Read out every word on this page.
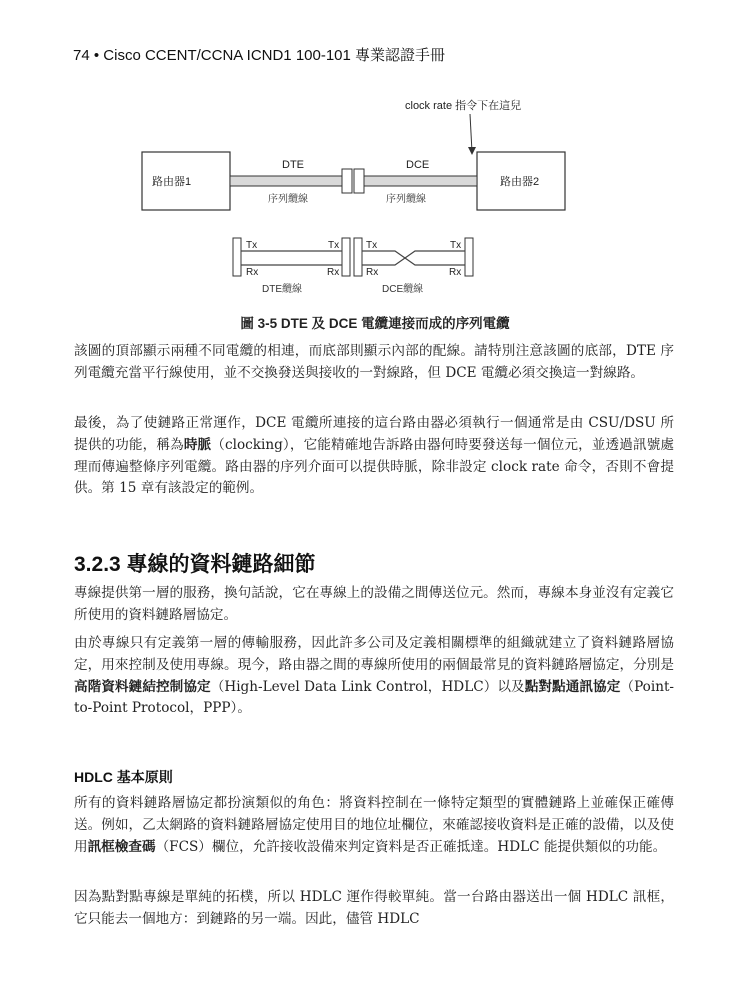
74 • Cisco CCENT/CCNA ICND1 100-101 專業認證手冊
clock rate 指令下在這兒
路由器1	路由器2
DTE	DCE
序列纜線	序列纜線
Tx
Rx
Tx
Rx
Tx
Rx
Tx
Rx
DTE纜線	DCE纜線
圖 3-5 DTE 及 DCE 電纜連接而成的序列電纜
該圖的頂部顯示兩種不同電纜的相連，而底部則顯示內部的配線。請特別注意該圖的底部，DTE 序列電纜充當平行線使用，並不交換發送與接收的一對線路，但 DCE 電纜必須交換這一對線路。
最後，為了使鏈路正常運作，DCE 電纜所連接的這台路由器必須執行一個通常是由 CSU/DSU 所提供的功能，稱為時脈（clocking），它能精確地告訴路由器何時要發送每一個位元，並透過訊號處理而傳遍整條序列電纜。路由器的序列介面可以提供時脈，除非設定 clock rate 命令，否則不會提供。第 15 章有該設定的範例。
3.2.3 專線的資料鏈路細節
專線提供第一層的服務，換句話說，它在專線上的設備之間傳送位元。然而，專線本身並沒有定義它所使用的資料鏈路層協定。
由於專線只有定義第一層的傳輸服務，因此許多公司及定義相關標準的組織就建立了資料鏈路層協定，用來控制及使用專線。現今，路由器之間的專線所使用的兩個最常見的資料鏈路層協定，分別是高階資料鏈結控制協定（High-Level Data Link Control，HDLC）以及點對點通訊協定（Point-to-Point Protocol，PPP）。
HDLC 基本原則
所有的資料鏈路層協定都扮演類似的角色：將資料控制在一條特定類型的實體鏈路上並確保正確傳送。例如，乙太網路的資料鏈路層協定使用目的地位址欄位，來確認接收資料是正確的設備，以及使用訊框檢查碼（FCS）欄位，允許接收設備來判定資料是否正確抵達。HDLC 能提供類似的功能。
因為點對點專線是單純的拓樸，所以 HDLC 運作得較單純。當一台路由器送出一個 HDLC 訊框，它只能去一個地方：到鏈路的另一端。因此，儘管 HDLC
